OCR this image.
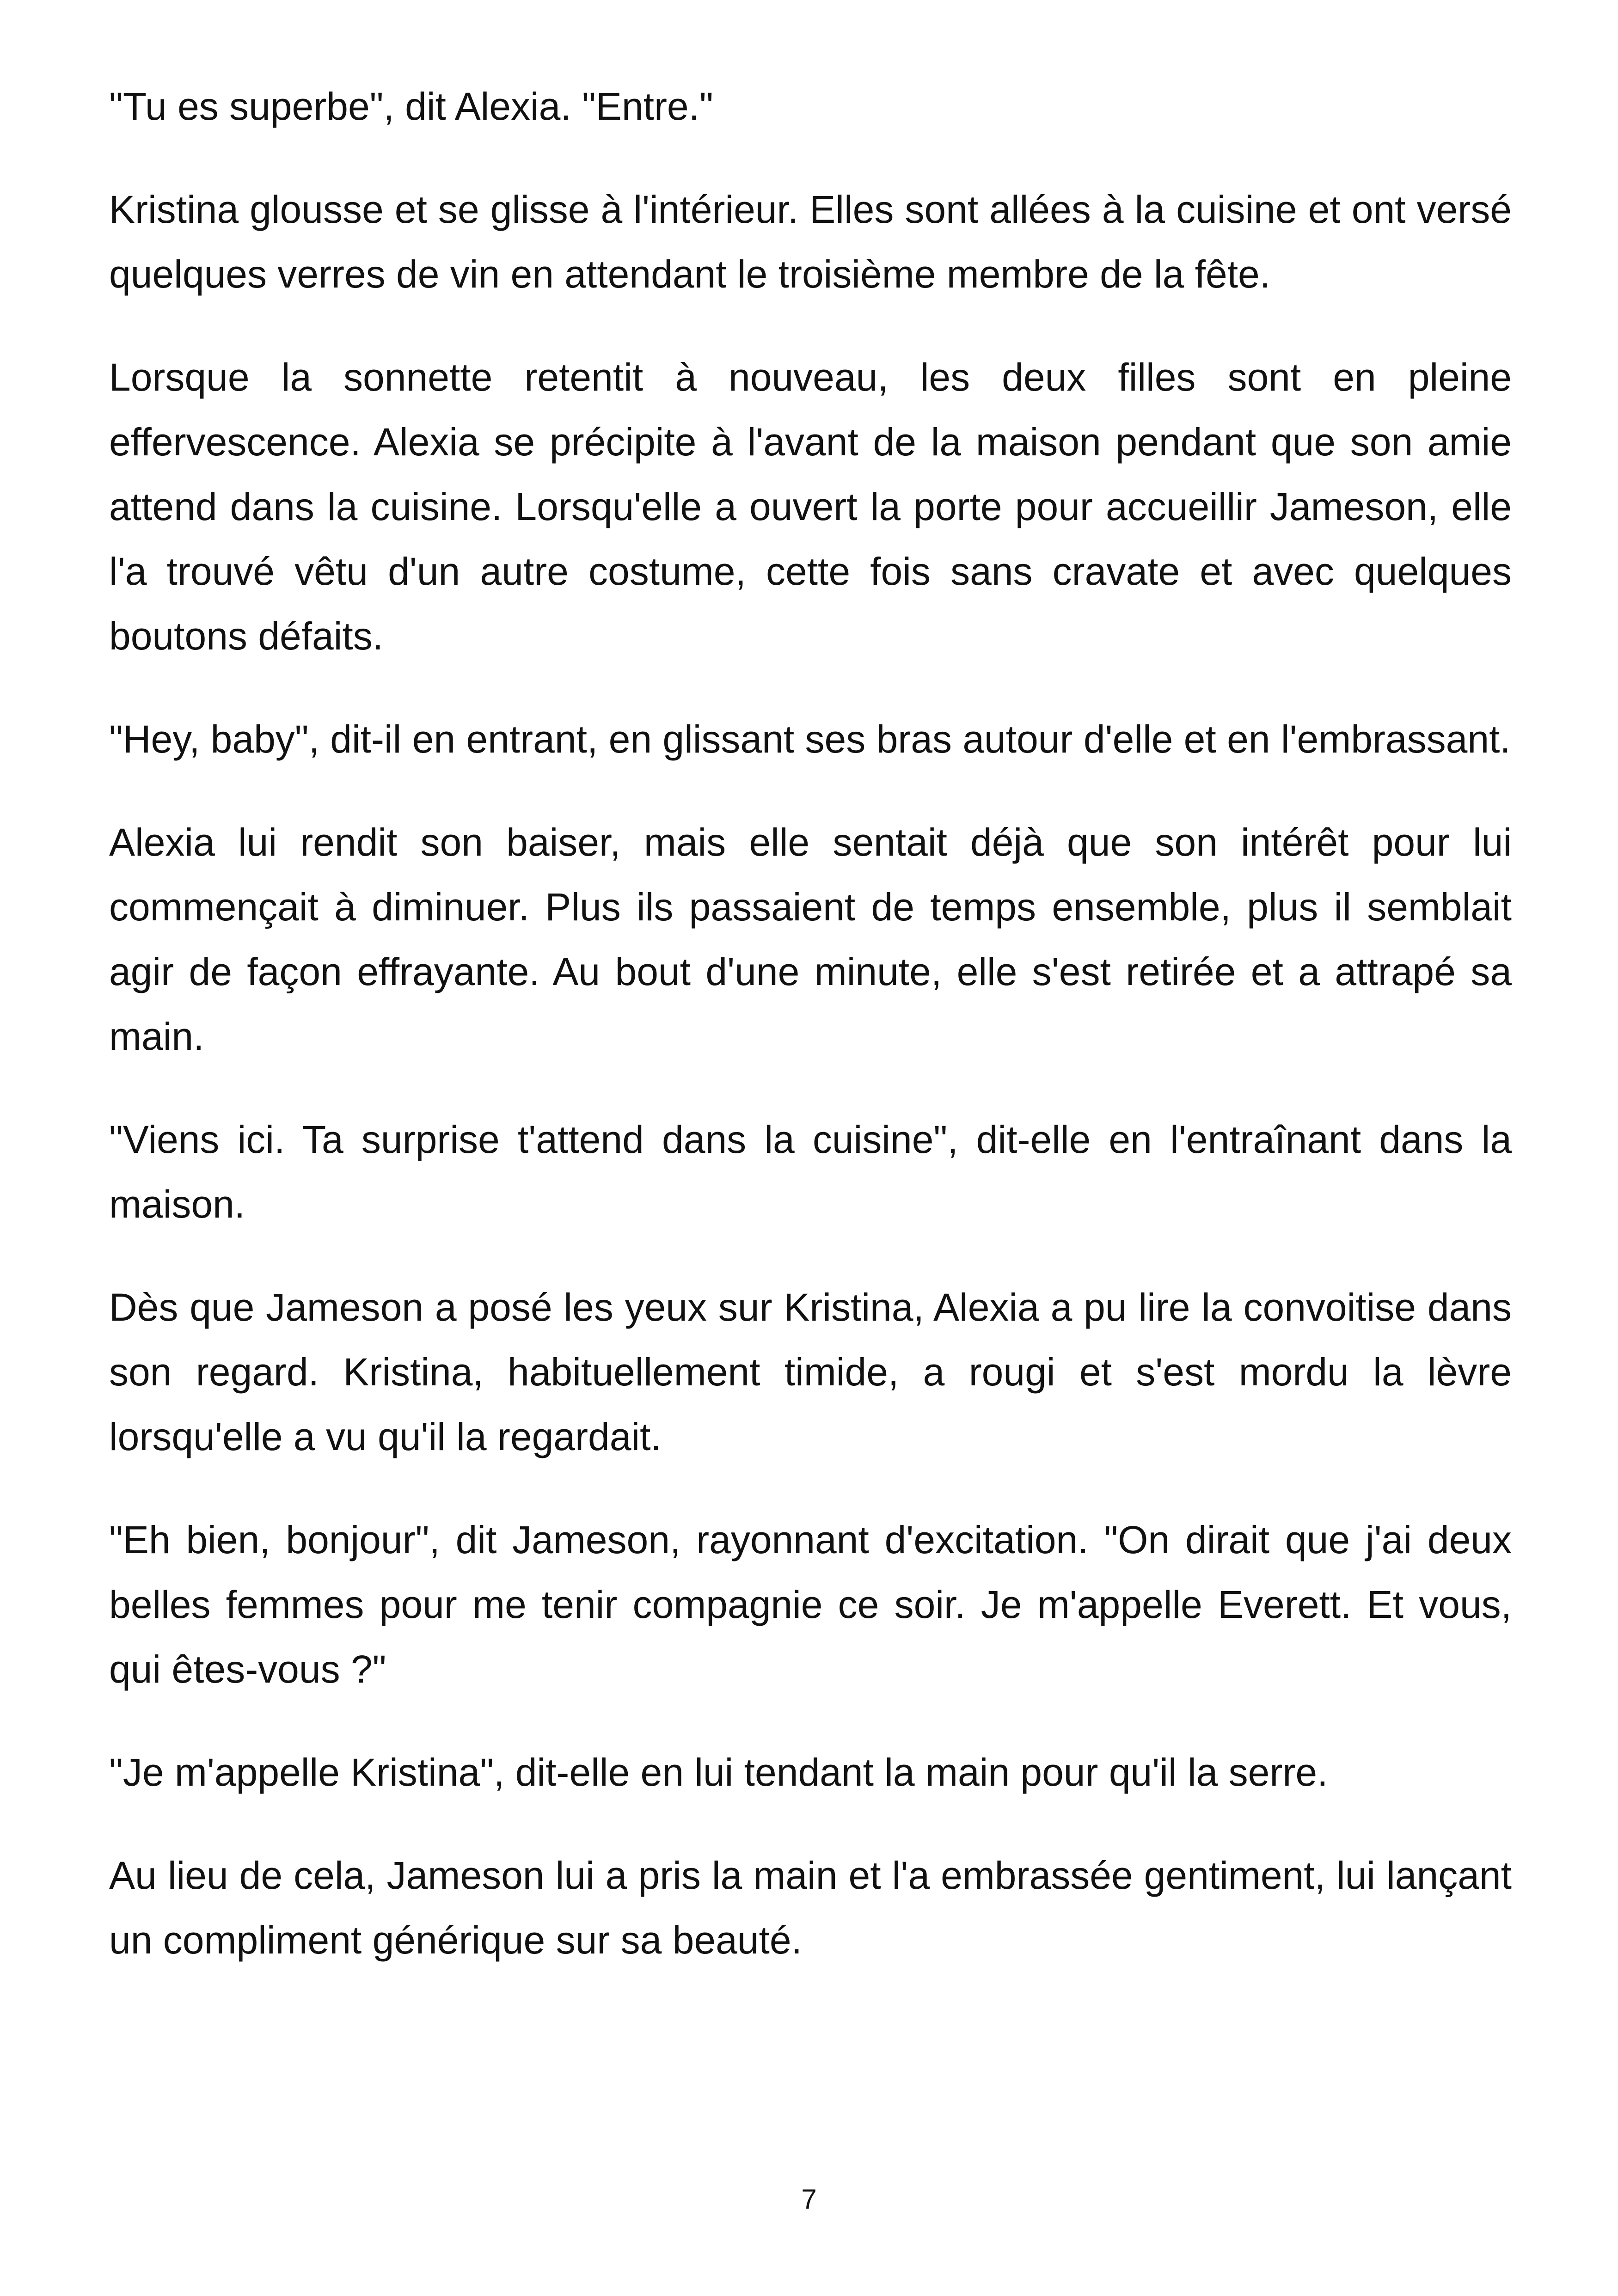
"Tu es superbe", dit Alexia. "Entre."

Kristina glousse et se glisse à l'intérieur. Elles sont allées à la cuisine et ont versé quelques verres de vin en attendant le troisième membre de la fête.

Lorsque la sonnette retentit à nouveau, les deux filles sont en pleine effervescence. Alexia se précipite à l'avant de la maison pendant que son amie attend dans la cuisine. Lorsqu'elle a ouvert la porte pour accueillir Jameson, elle l'a trouvé vêtu d'un autre costume, cette fois sans cravate et avec quelques boutons défaits.

"Hey, baby", dit-il en entrant, en glissant ses bras autour d'elle et en l'embrassant.

Alexia lui rendit son baiser, mais elle sentait déjà que son intérêt pour lui commençait à diminuer. Plus ils passaient de temps ensemble, plus il semblait agir de façon effrayante. Au bout d'une minute, elle s'est retirée et a attrapé sa main.

"Viens ici. Ta surprise t'attend dans la cuisine", dit-elle en l'entraînant dans la maison.

Dès que Jameson a posé les yeux sur Kristina, Alexia a pu lire la convoitise dans son regard. Kristina, habituellement timide, a rougi et s'est mordu la lèvre lorsqu'elle a vu qu'il la regardait.

"Eh bien, bonjour", dit Jameson, rayonnant d'excitation. "On dirait que j'ai deux belles femmes pour me tenir compagnie ce soir. Je m'appelle Everett. Et vous, qui êtes-vous ?"

"Je m'appelle Kristina", dit-elle en lui tendant la main pour qu'il la serre.

Au lieu de cela, Jameson lui a pris la main et l'a embrassée gentiment, lui lançant un compliment générique sur sa beauté.

7
